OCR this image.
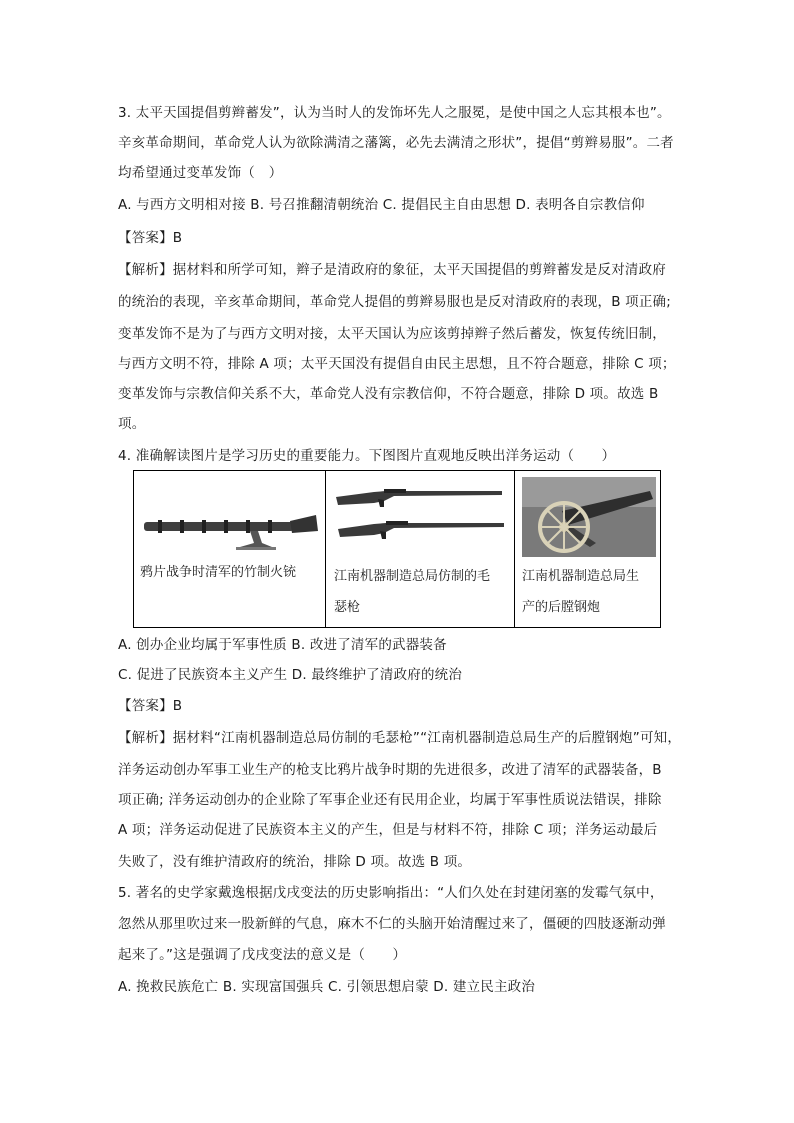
3. 太平天国提倡剪辫蓄发”，认为当时人的发饰坏先人之服冕，是使中国之人忘其根本也”。
辛亥革命期间，革命党人认为欲除满清之藩篱，必先去满清之形状”，提倡“剪辫易服”。二者
均希望通过变革发饰（　）
A. 与西方文明相对接 B. 号召推翻清朝统治 C. 提倡民主自由思想 D. 表明各自宗教信仰
【答案】B
【解析】据材料和所学可知，辫子是清政府的象征，太平天国提倡的剪辫蓄发是反对清政府
的统治的表现，辛亥革命期间，革命党人提倡的剪辫易服也是反对清政府的表现，B 项正确;
变革发饰不是为了与西方文明对接，太平天国认为应该剪掉辫子然后蓄发，恢复传统旧制，
与西方文明不符，排除 A 项；太平天国没有提倡自由民主思想，且不符合题意，排除 C 项；
变革发饰与宗教信仰关系不大，革命党人没有宗教信仰，不符合题意，排除 D 项。故选 B
项。
4. 准确解读图片是学习历史的重要能力。下图图片直观地反映出洋务运动（　　）
鸦片战争时清军的竹制火铳	江南机器制造总局仿制的毛
瑟枪

江南机器制造总局生
产的后膛钢炮
A. 创办企业均属于军事性质 B. 改进了清军的武器装备
C. 促进了民族资本主义产生 D. 最终维护了清政府的统治
【答案】B
【解析】据材料“江南机器制造总局仿制的毛瑟枪”“江南机器制造总局生产的后膛钢炮”可知，
洋务运动创办军事工业生产的枪支比鸦片战争时期的先进很多，改进了清军的武器装备，B
项正确; 洋务运动创办的企业除了军事企业还有民用企业，均属于军事性质说法错误，排除
A 项；洋务运动促进了民族资本主义的产生，但是与材料不符，排除 C 项；洋务运动最后
失败了，没有维护清政府的统治，排除 D 项。故选 B 项。
5. 著名的史学家戴逸根据戊戌变法的历史影响指出：“人们久处在封建闭塞的发霉气氛中，
忽然从那里吹过来一股新鲜的气息，麻木不仁的头脑开始清醒过来了，僵硬的四肢逐渐动弹
起来了。”这是强调了戊戌变法的意义是（　　）
A. 挽救民族危亡 B. 实现富国强兵 C. 引领思想启蒙 D. 建立民主政治
